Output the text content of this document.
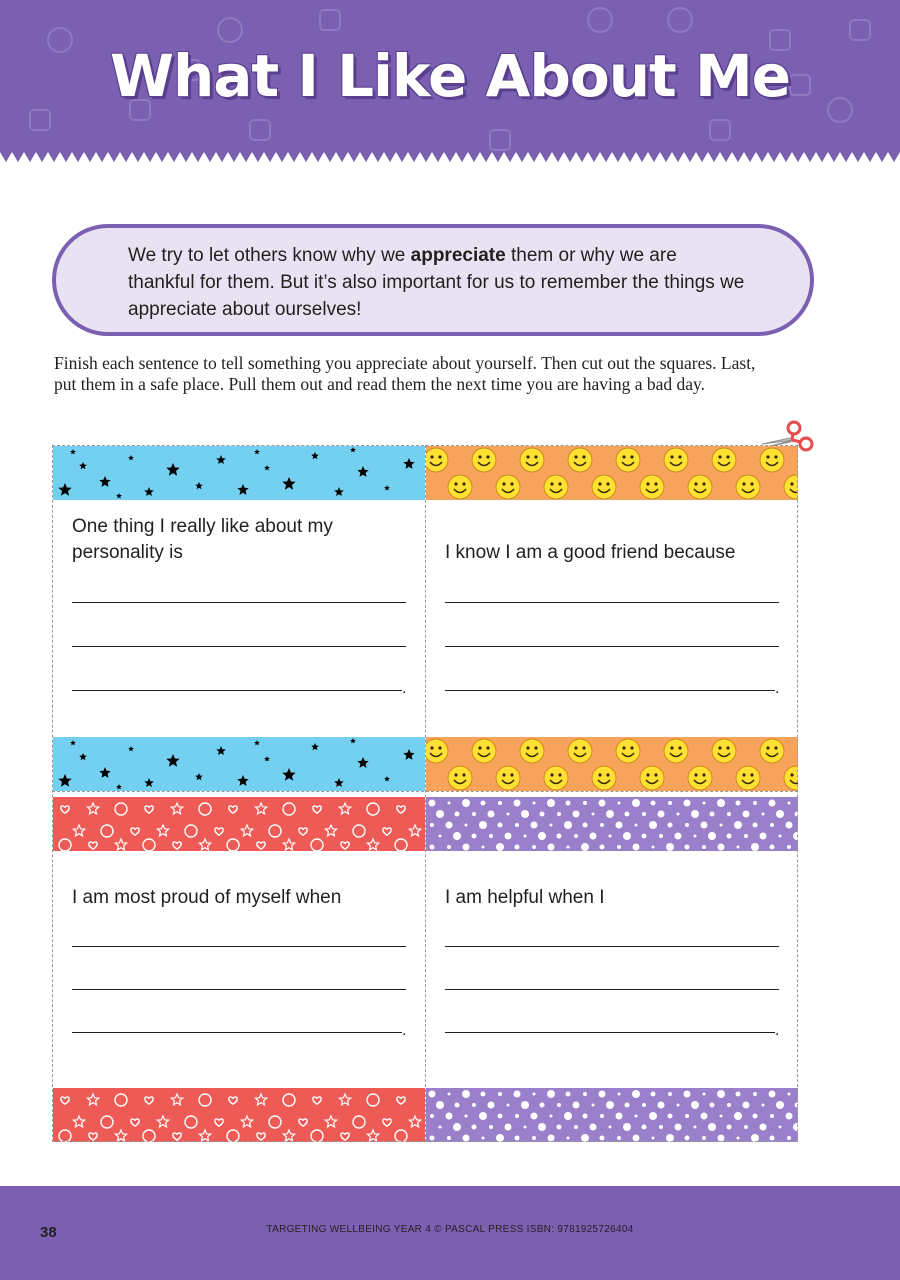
What I Like About Me

We try to let others know why we appreciate them or why we are thankful for them. But it’s also important for us to remember the things we appreciate about ourselves!

Finish each sentence to tell something you appreciate about yourself. Then cut out the squares. Last, put them in a safe place. Pull them out and read them the next time you are having a bad day.

One thing I really like about my personality is

.

I know I am a good friend because

.

I am most proud of myself when

.

I am helpful when I

.
38	TARGETING WELLBEING YEAR 4 © PASCAL PRESS ISBN: 9781925726404
